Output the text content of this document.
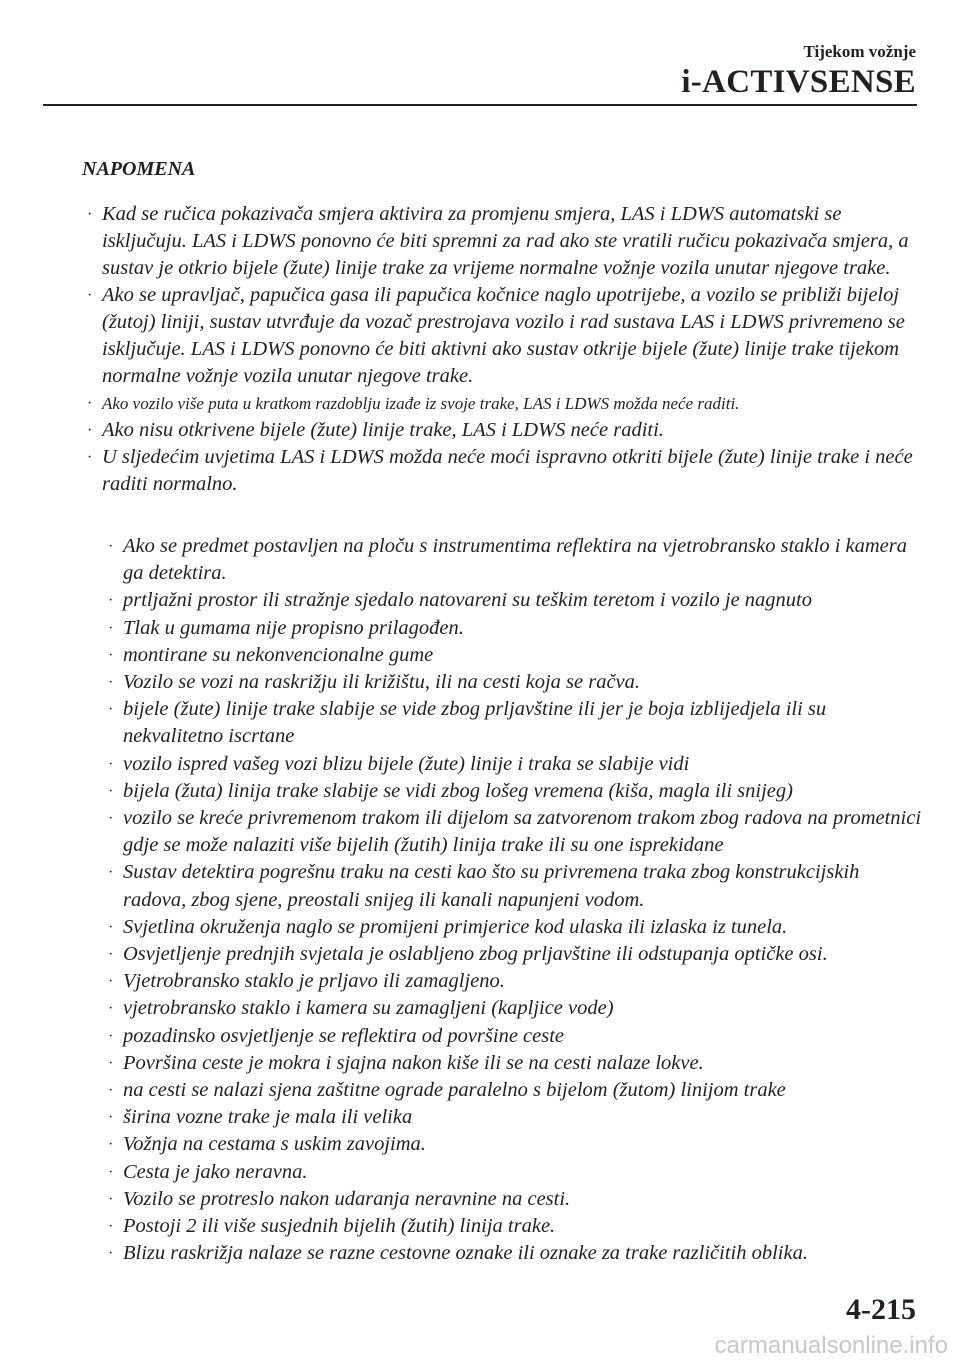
Tijekom vožnje
i-ACTIVSENSE
NAPOMENA
· Kad se ručica pokazivača smjera aktivira za promjenu smjera, LAS i LDWS automatski se isključuju. LAS i LDWS ponovno će biti spremni za rad ako ste vratili ručicu pokazivača smjera, a sustav je otkrio bijele (žute) linije trake za vrijeme normalne vožnje vozila unutar njegove trake.
· Ako se upravljač, papučica gasa ili papučica kočnice naglo upotrijebe, a vozilo se približi bijeloj (žutoj) liniji, sustav utvrđuje da vozač prestrojava vozilo i rad sustava LAS i LDWS privremeno se isključuje. LAS i LDWS ponovno će biti aktivni ako sustav otkrije bijele (žute) linije trake tijekom normalne vožnje vozila unutar njegove trake.
· Ako vozilo više puta u kratkom razdoblju izađe iz svoje trake, LAS i LDWS možda neće raditi.
· Ako nisu otkrivene bijele (žute) linije trake, LAS i LDWS neće raditi.
· U sljedećim uvjetima LAS i LDWS možda neće moći ispravno otkriti bijele (žute) linije trake i neće raditi normalno.
· Ako se predmet postavljen na ploču s instrumentima reflektira na vjetrobransko staklo i kamera ga detektira.
· prtljažni prostor ili stražnje sjedalo natovareni su teškim teretom i vozilo je nagnuto
· Tlak u gumama nije propisno prilagođen.
· montirane su nekonvencionalne gume
· Vozilo se vozi na raskrižju ili križištu, ili na cesti koja se račva.
· bijele (žute) linije trake slabije se vide zbog prljavštine ili jer je boja izblijedjela ili su nekvalitetno iscrtane
· vozilo ispred vašeg vozi blizu bijele (žute) linije i traka se slabije vidi
· bijela (žuta) linija trake slabije se vidi zbog lošeg vremena (kiša, magla ili snijeg)
· vozilo se kreće privremenom trakom ili dijelom sa zatvorenom trakom zbog radova na prometnici gdje se može nalaziti više bijelih (žutih) linija trake ili su one isprekidane
· Sustav detektira pogrešnu traku na cesti kao što su privremena traka zbog konstrukcijskih radova, zbog sjene, preostali snijeg ili kanali napunjeni vodom.
· Svjetlina okruženja naglo se promijeni primjerice kod ulaska ili izlaska iz tunela.
· Osvjetljenje prednjih svjetala je oslabljeno zbog prljavštine ili odstupanja optičke osi.
· Vjetrobransko staklo je prljavo ili zamagljeno.
· vjetrobransko staklo i kamera su zamagljeni (kapljice vode)
· pozadinsko osvjetljenje se reflektira od površine ceste
· Površina ceste je mokra i sjajna nakon kiše ili se na cesti nalaze lokve.
· na cesti se nalazi sjena zaštitne ograde paralelno s bijelom (žutom) linijom trake
· širina vozne trake je mala ili velika
· Vožnja na cestama s uskim zavojima.
· Cesta je jako neravna.
· Vozilo se protreslo nakon udaranja neravnine na cesti.
· Postoji 2 ili više susjednih bijelih (žutih) linija trake.
· Blizu raskrižja nalaze se razne cestovne oznake ili oznake za trake različitih oblika.
4-215
carmanualsonline.info
